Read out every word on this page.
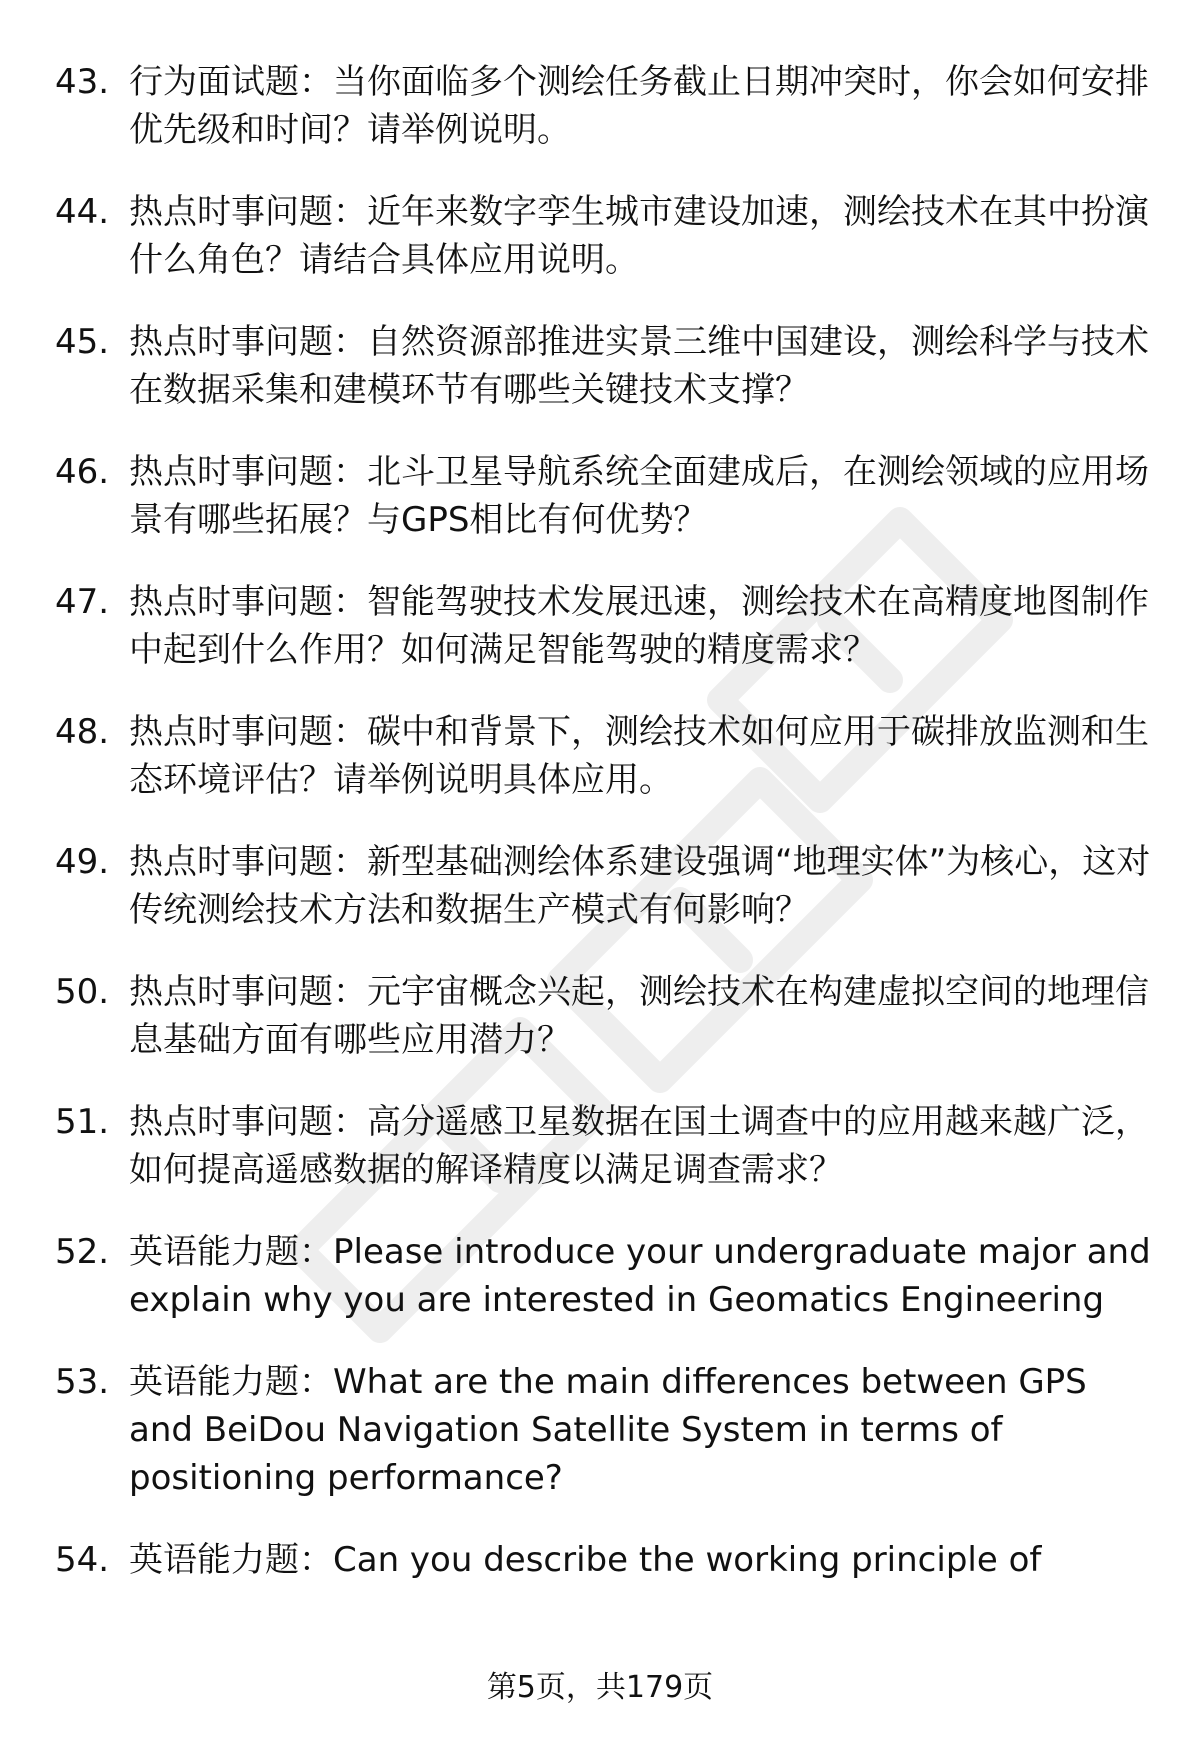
43. 行为面试题：当你面临多个测绘任务截止日期冲突时，你会如何安排优先级和时间？请举例说明。
44. 热点时事问题：近年来数字孪生城市建设加速，测绘技术在其中扮演什么角色？请结合具体应用说明。
45. 热点时事问题：自然资源部推进实景三维中国建设，测绘科学与技术在数据采集和建模环节有哪些关键技术支撑？
46. 热点时事问题：北斗卫星导航系统全面建成后，在测绘领域的应用场景有哪些拓展？与GPS相比有何优势？
47. 热点时事问题：智能驾驶技术发展迅速，测绘技术在高精度地图制作中起到什么作用？如何满足智能驾驶的精度需求？
48. 热点时事问题：碳中和背景下，测绘技术如何应用于碳排放监测和生态环境评估？请举例说明具体应用。
49. 热点时事问题：新型基础测绘体系建设强调“地理实体”为核心，这对传统测绘技术方法和数据生产模式有何影响？
50. 热点时事问题：元宇宙概念兴起，测绘技术在构建虚拟空间的地理信息基础方面有哪些应用潜力？
51. 热点时事问题：高分遥感卫星数据在国土调查中的应用越来越广泛，如何提高遥感数据的解译精度以满足调查需求？
52. 英语能力题：Please introduce your undergraduate major and explain why you are interested in Geomatics Engineering
53. 英语能力题：What are the main differences between GPS and BeiDou Navigation Satellite System in terms of positioning performance?
54. 英语能力题：Can you describe the working principle of
第5页，共179页
